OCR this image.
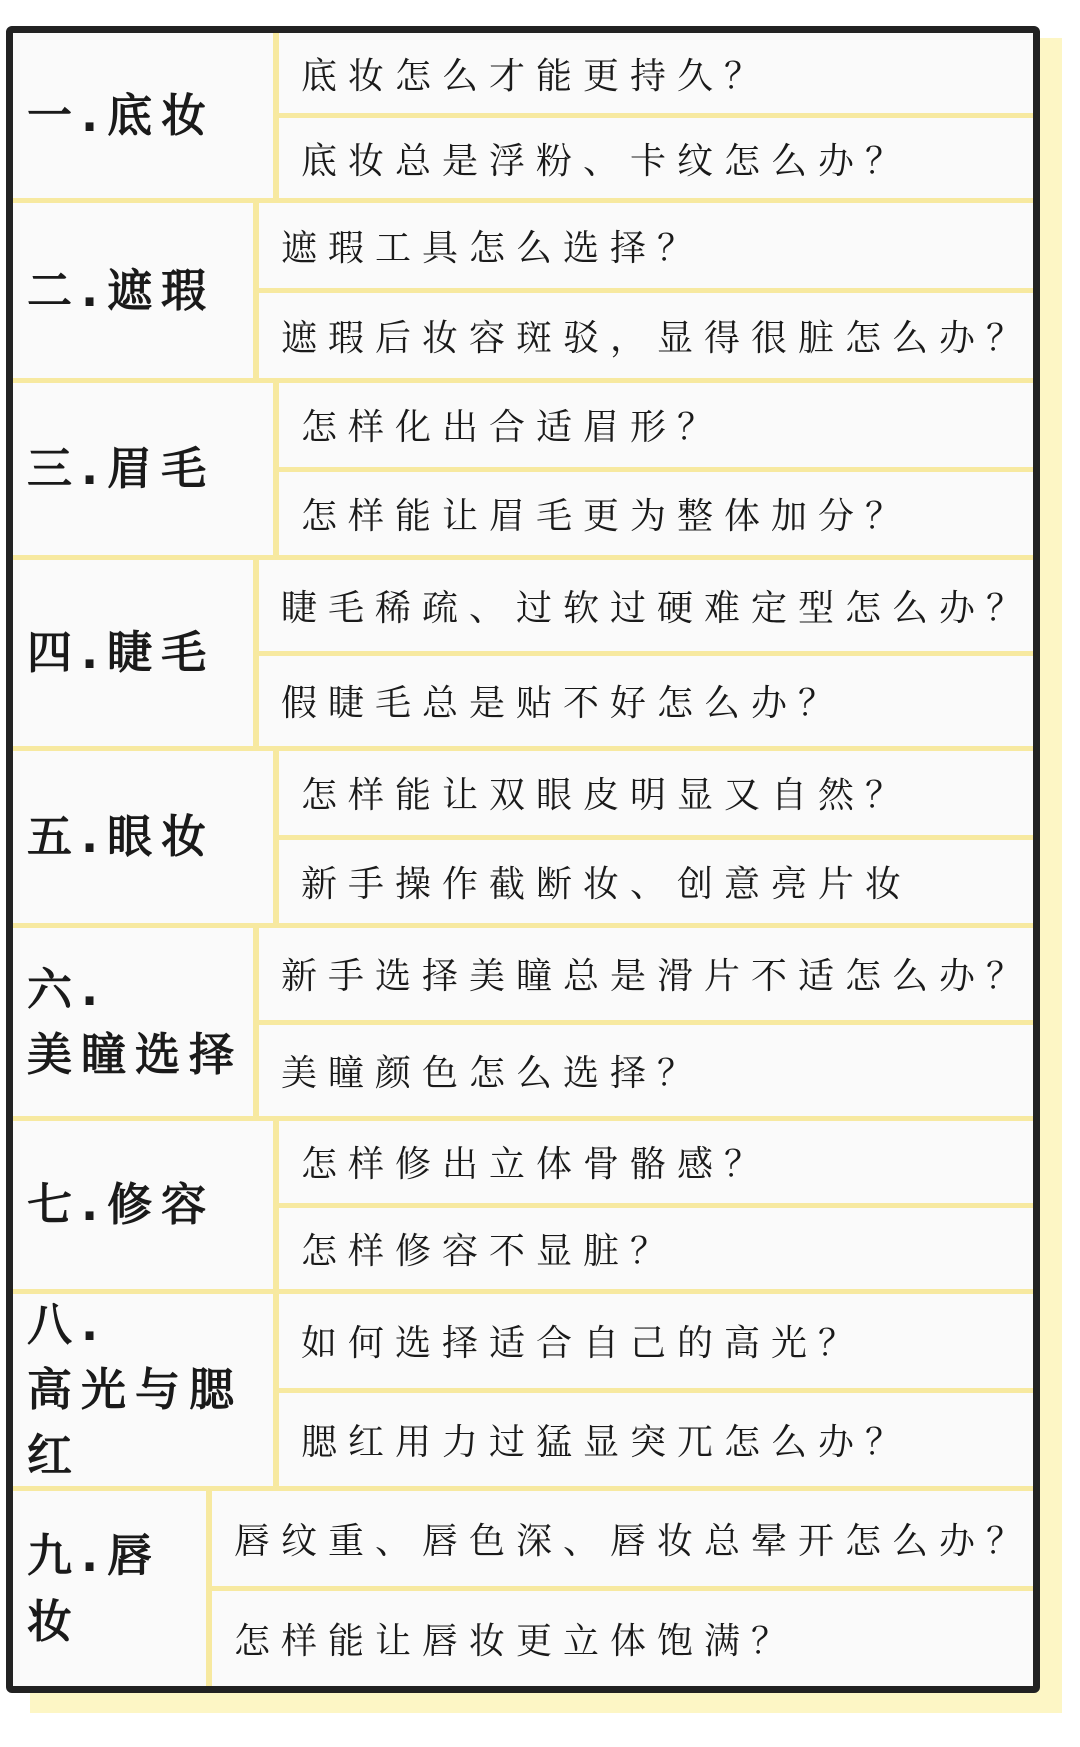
一.底妆
底妆怎么才能更持久？
底妆总是浮粉、卡纹怎么办？
二.遮瑕
遮瑕工具怎么选择？
遮瑕后妆容斑驳，显得很脏怎么办？
三.眉毛
怎样化出合适眉形？
怎样能让眉毛更为整体加分？
四.睫毛
睫毛稀疏、过软过硬难定型怎么办？
假睫毛总是贴不好怎么办？
五.眼妆
怎样能让双眼皮明显又自然？
新手操作截断妆、创意亮片妆
六.
美瞳选择
新手选择美瞳总是滑片不适怎么办？
美瞳颜色怎么选择？
七.修容
怎样修出立体骨骼感？
怎样修容不显脏？
八.
高光与腮红
如何选择适合自己的高光？
腮红用力过猛显突兀怎么办？
九.唇妆
唇纹重、唇色深、唇妆总晕开怎么办？
怎样能让唇妆更立体饱满？
